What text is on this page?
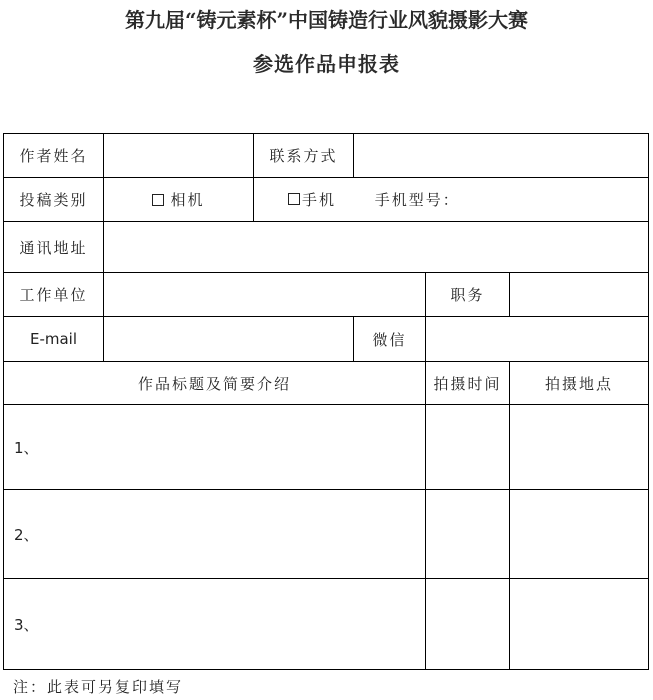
第九届“铸元素杯”中国铸造行业风貌摄影大赛
参选作品申报表
作者姓名		联系方式			
投稿类别	相机	手机 手机型号：			
通讯地址					
工作单位				职务	
E-mail			微信		
作品标题及简要介绍				拍摄时间	拍摄地点
1、					
2、					
3、					
注：此表可另复印填写
